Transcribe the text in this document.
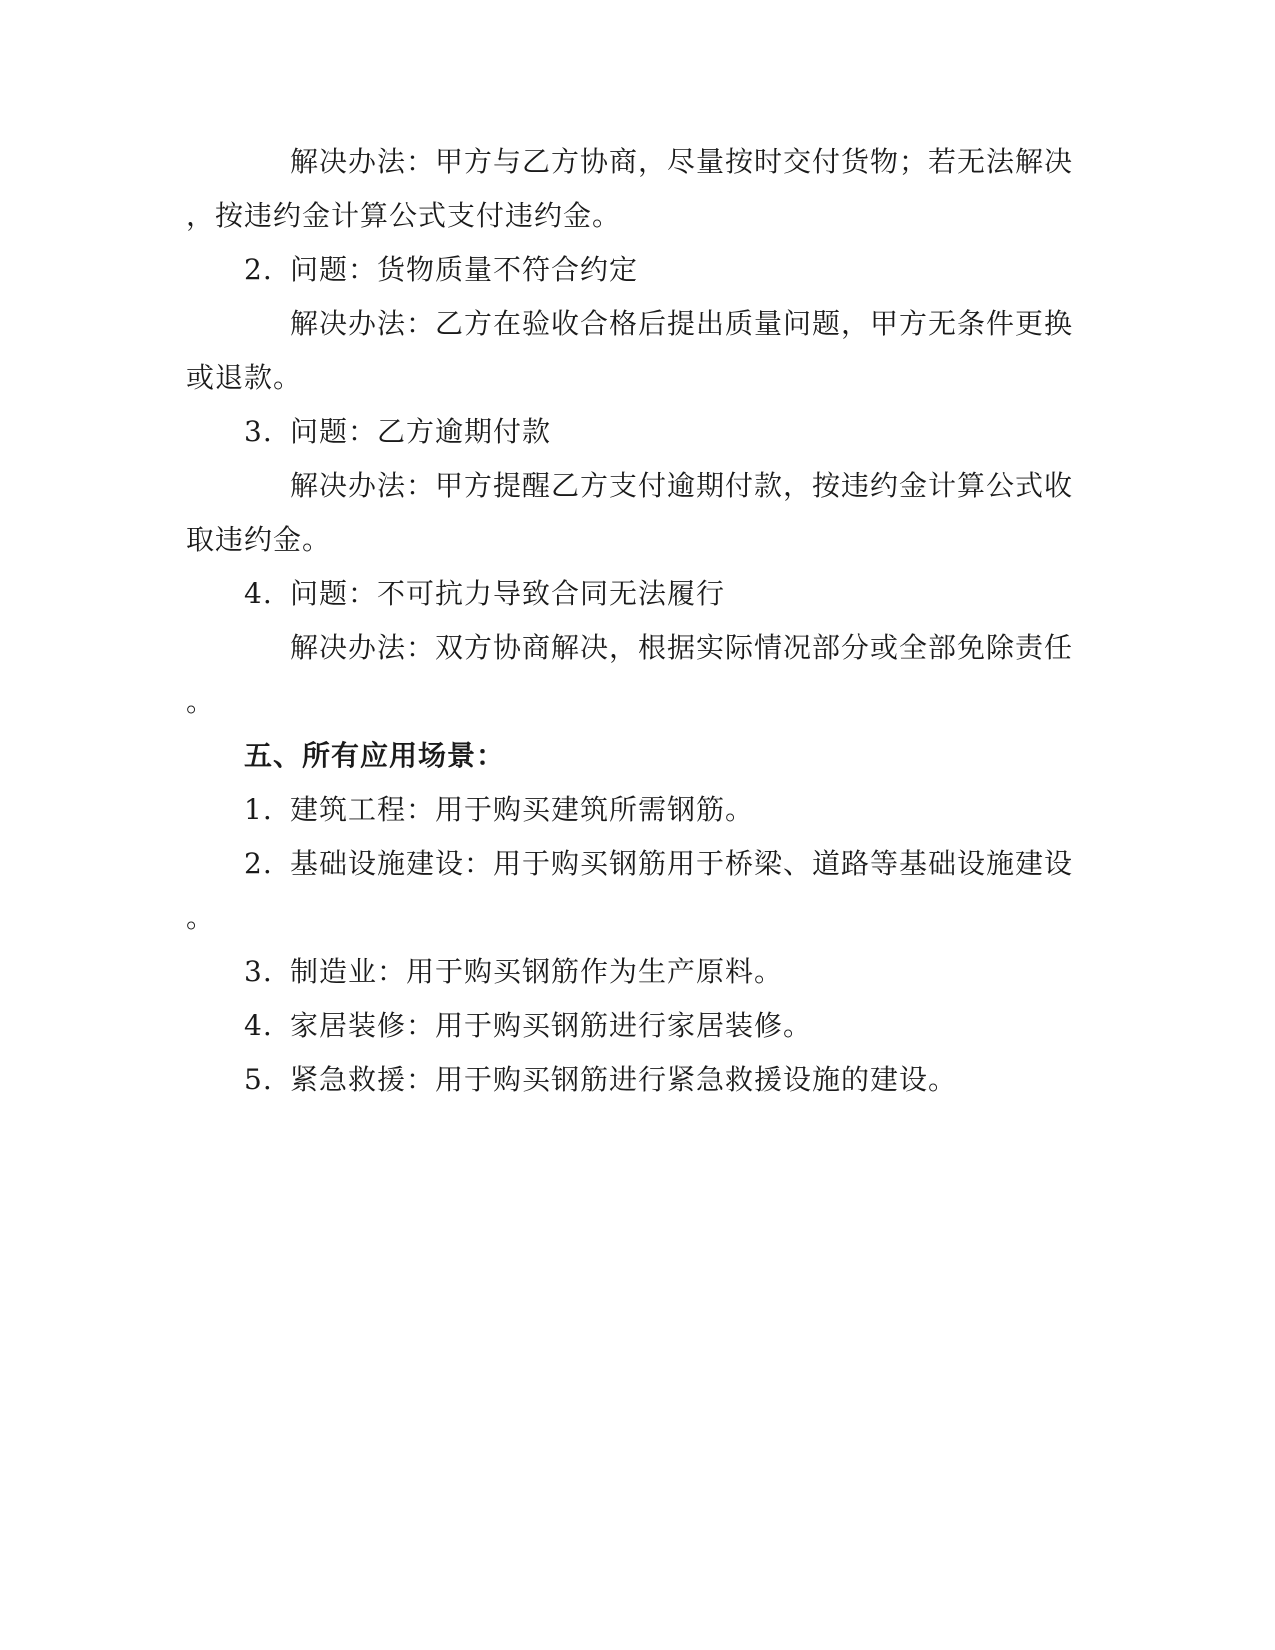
解决办法：甲方与乙方协商，尽量按时交付货物；若无法解决
，按违约金计算公式支付违约金。
2. 问题：货物质量不符合约定
解决办法：乙方在验收合格后提出质量问题，甲方无条件更换
或退款。
3. 问题：乙方逾期付款
解决办法：甲方提醒乙方支付逾期付款，按违约金计算公式收
取违约金。
4. 问题：不可抗力导致合同无法履行
解决办法：双方协商解决，根据实际情况部分或全部免除责任
。
五、所有应用场景：
1. 建筑工程：用于购买建筑所需钢筋。
2. 基础设施建设：用于购买钢筋用于桥梁、道路等基础设施建设
。
3. 制造业：用于购买钢筋作为生产原料。
4. 家居装修：用于购买钢筋进行家居装修。
5. 紧急救援：用于购买钢筋进行紧急救援设施的建设。
